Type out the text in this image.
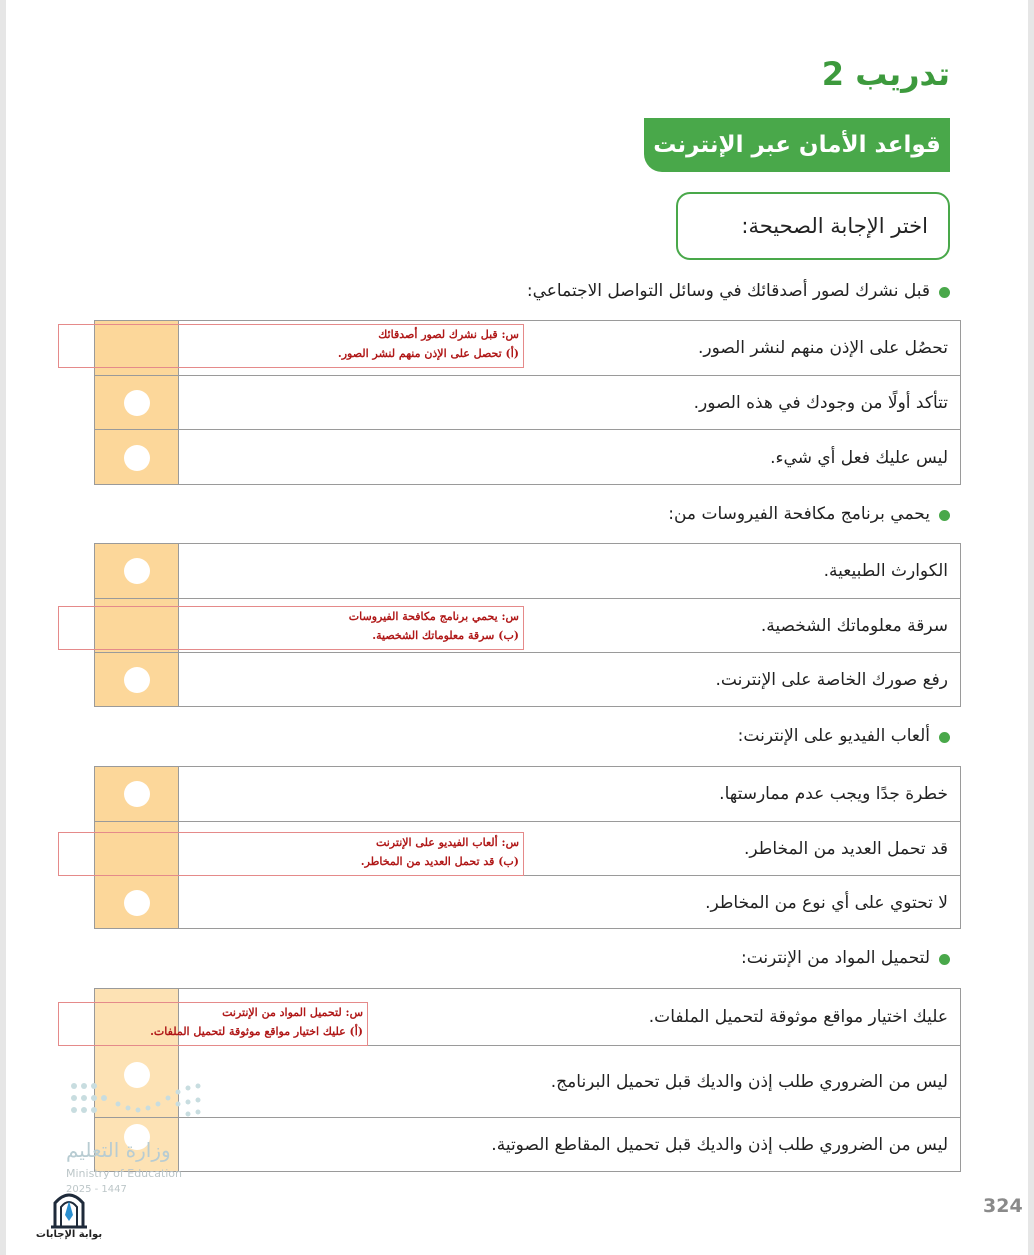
تدريب 2
قواعد الأمان عبر الإنترنت
اختر الإجابة الصحيحة:
قبل نشرك لصور أصدقائك في وسائل التواصل الاجتماعي:
تحصُل على الإذن منهم لنشر الصور.
تتأكد أولًا من وجودك في هذه الصور.
ليس عليك فعل أي شيء.
س: قبل نشرك لصور أصدقائك
(أ) تحصل على الإذن منهم لنشر الصور.
يحمي برنامج مكافحة الفيروسات من:
الكوارث الطبيعية.
سرقة معلوماتك الشخصية.
رفع صورك الخاصة على الإنترنت.
س: يحمي برنامج مكافحة الفيروسات
(ب) سرقة معلوماتك الشخصية.
ألعاب الفيديو على الإنترنت:
خطرة جدًا ويجب عدم ممارستها.
قد تحمل العديد من المخاطر.
لا تحتوي على أي نوع من المخاطر.
س: ألعاب الفيديو على الإنترنت
(ب) قد تحمل العديد من المخاطر.
لتحميل المواد من الإنترنت:
عليك اختيار مواقع موثوقة لتحميل الملفات.
ليس من الضروري طلب إذن والديك قبل تحميل البرنامج.
ليس من الضروري طلب إذن والديك قبل تحميل المقاطع الصوتية.
س: لتحميل المواد من الإنترنت
(أ) عليك اختيار مواقع موثوقة لتحميل الملفات.
وزارة التعليم
Ministry of Education
2025 - 1447
بوابة الإجابات
324
